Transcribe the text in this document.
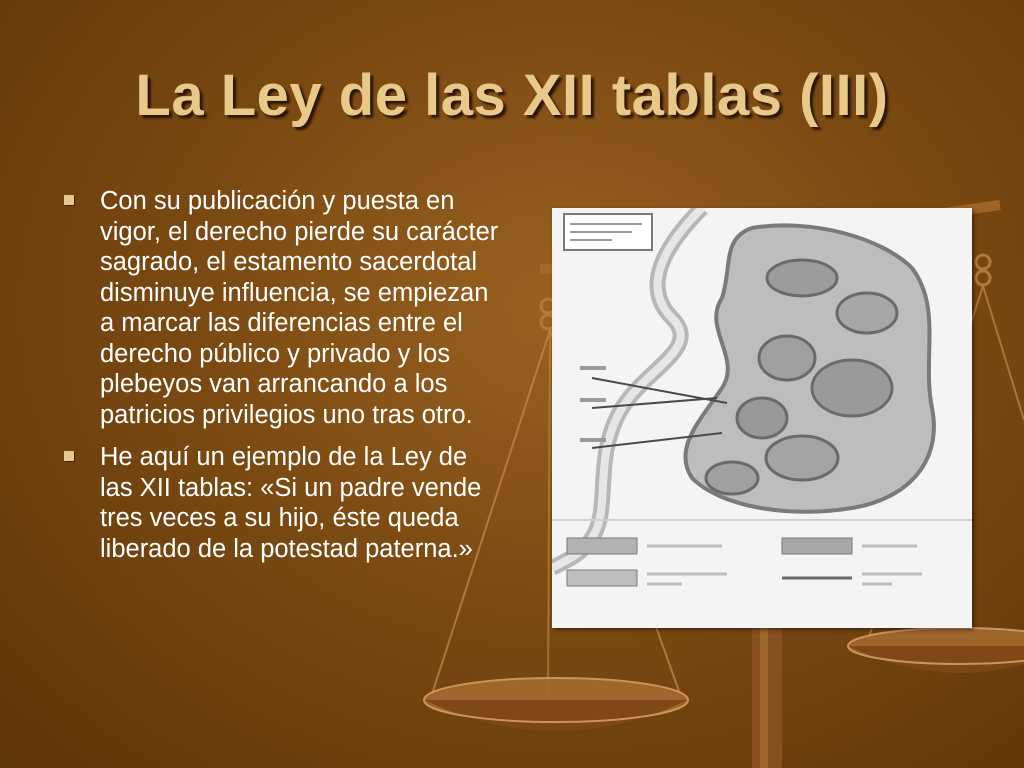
La Ley de las XII tablas (III)
Con su publicación y puesta en vigor, el derecho pierde su carácter sagrado, el estamento sacerdotal disminuye influencia, se empiezan a marcar las diferencias entre el derecho público y privado y los plebeyos van arrancando a los patricios privilegios uno tras otro.
He aquí un ejemplo de la Ley de las XII tablas: «Si un padre vende tres veces a su hijo, éste queda liberado de la potestad paterna.»
